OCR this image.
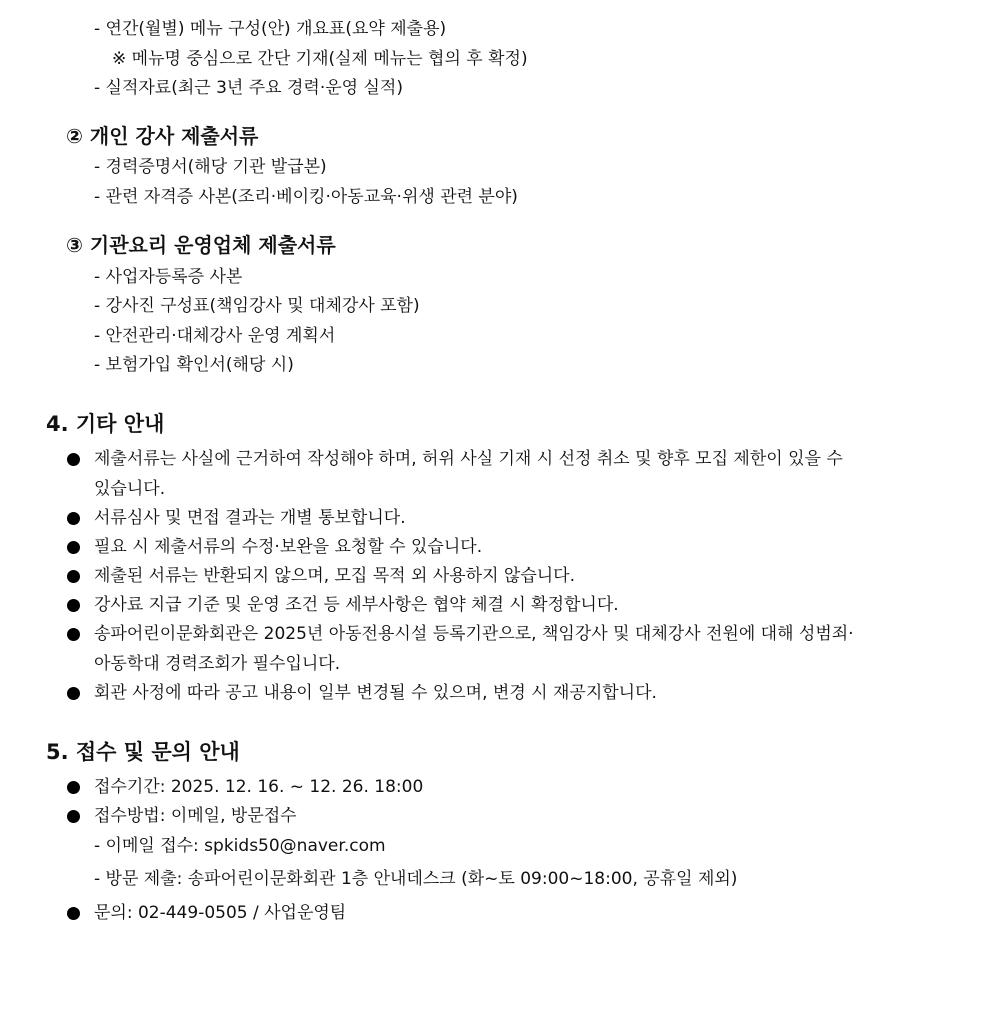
- 연간(월별) 메뉴 구성(안) 개요표(요약 제출용)
※ 메뉴명 중심으로 간단 기재(실제 메뉴는 협의 후 확정)
- 실적자료(최근 3년 주요 경력·운영 실적)
② 개인 강사 제출서류
- 경력증명서(해당 기관 발급본)
- 관련 자격증 사본(조리·베이킹·아동교육·위생 관련 분야)
③ 기관요리 운영업체 제출서류
- 사업자등록증 사본
- 강사진 구성표(책임강사 및 대체강사 포함)
- 안전관리·대체강사 운영 계획서
- 보험가입 확인서(해당 시)
4. 기타 안내
제출서류는 사실에 근거하여 작성해야 하며, 허위 사실 기재 시 선정 취소 및 향후 모집 제한이 있을 수
있습니다.
서류심사 및 면접 결과는 개별 통보합니다.
필요 시 제출서류의 수정·보완을 요청할 수 있습니다.
제출된 서류는 반환되지 않으며, 모집 목적 외 사용하지 않습니다.
강사료 지급 기준 및 운영 조건 등 세부사항은 협약 체결 시 확정합니다.
송파어린이문화회관은 2025년 아동전용시설 등록기관으로, 책임강사 및 대체강사 전원에 대해 성범죄·
아동학대 경력조회가 필수입니다.
회관 사정에 따라 공고 내용이 일부 변경될 수 있으며, 변경 시 재공지합니다.
5. 접수 및 문의 안내
접수기간: 2025. 12. 16. ~ 12. 26. 18:00
접수방법: 이메일, 방문접수
- 이메일 접수: spkids50@naver.com
- 방문 제출: 송파어린이문화회관 1층 안내데스크 (화~토 09:00~18:00, 공휴일 제외)
문의: 02-449-0505 / 사업운영팀
